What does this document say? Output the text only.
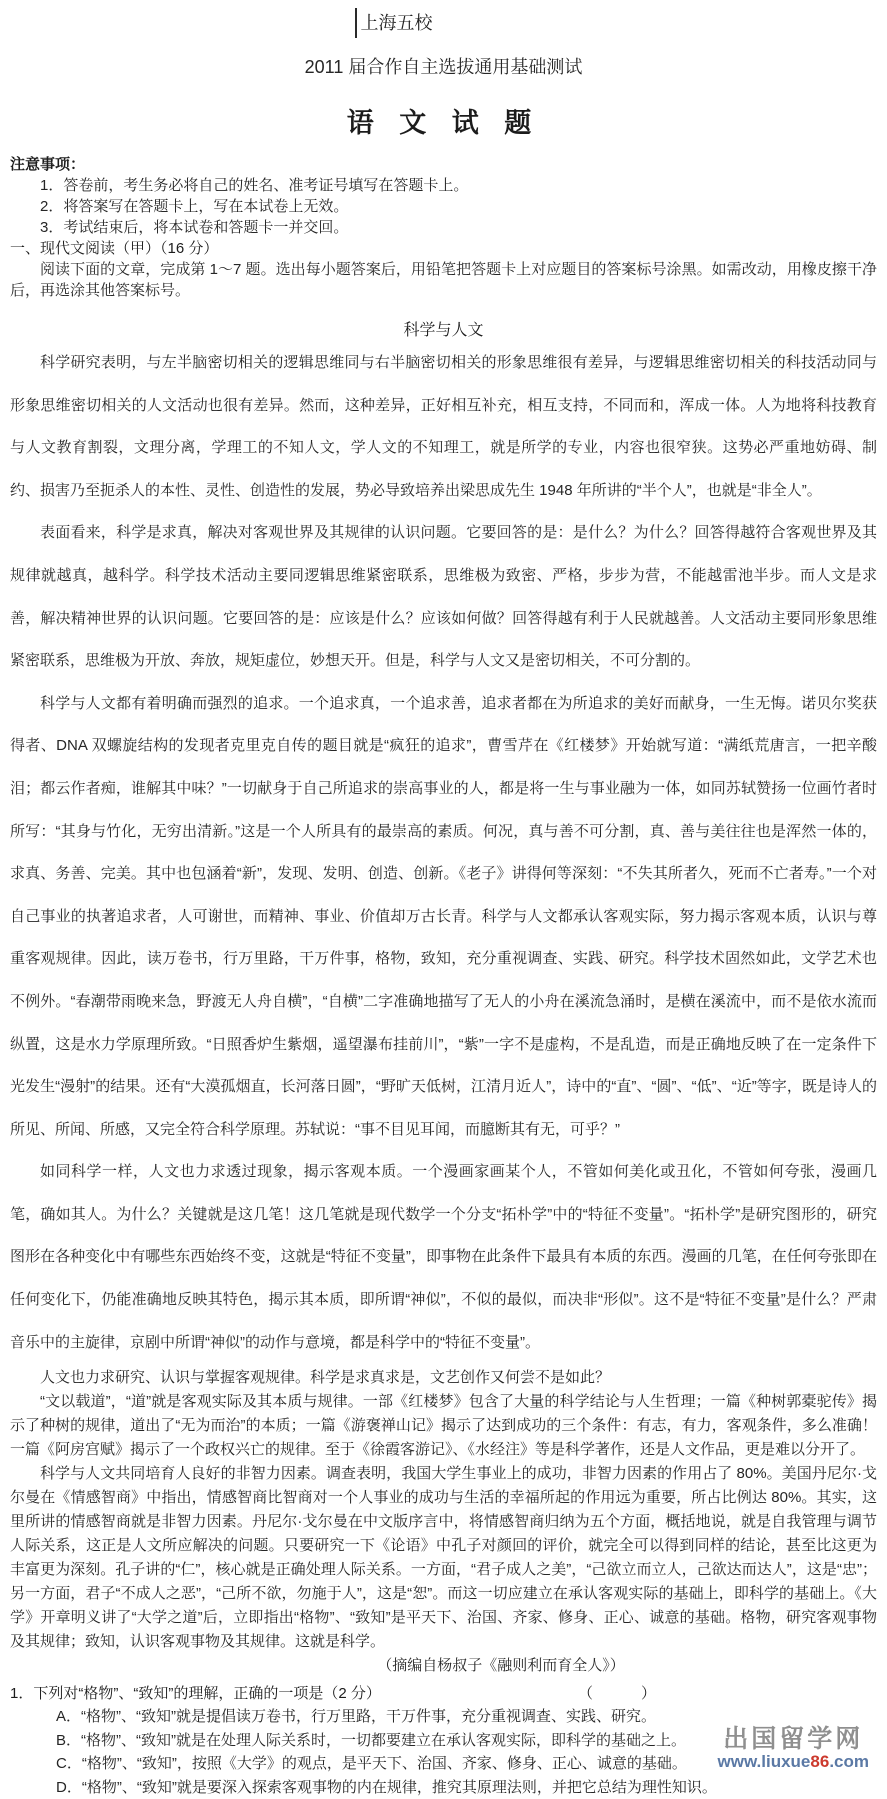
上海五校
2011 届合作自主选拔通用基础测试
语 文 试 题
注意事项：
1．答卷前，考生务必将自己的姓名、准考证号填写在答题卡上。
2．将答案写在答题卡上，写在本试卷上无效。
3．考试结束后，将本试卷和答题卡一并交回。
一、现代文阅读（甲）（16 分）

阅读下面的文章，完成第 1～7 题。选出每小题答案后，用铅笔把答题卡上对应题目的答案标号涂黑。如需改动，用橡皮擦干净后，再选涂其他答案标号。

科学与人文

科学研究表明，与左半脑密切相关的逻辑思维同与右半脑密切相关的形象思维很有差异，与逻辑思维密切相关的科技活动同与形象思维密切相关的人文活动也很有差异。然而，这种差异，正好相互补充，相互支持，不同而和，浑成一体。人为地将科技教育与人文教育割裂，文理分离，学理工的不知人文，学人文的不知理工，就是所学的专业，内容也很窄狭。这势必严重地妨碍、制约、损害乃至扼杀人的本性、灵性、创造性的发展，势必导致培养出梁思成先生 1948 年所讲的“半个人”，也就是“非全人”。

表面看来，科学是求真，解决对客观世界及其规律的认识问题。它要回答的是：是什么？为什么？回答得越符合客观世界及其规律就越真，越科学。科学技术活动主要同逻辑思维紧密联系，思维极为致密、严格，步步为营，不能越雷池半步。而人文是求善，解决精神世界的认识问题。它要回答的是：应该是什么？应该如何做？回答得越有利于人民就越善。人文活动主要同形象思维紧密联系，思维极为开放、奔放，规矩虚位，妙想天开。但是，科学与人文又是密切相关，不可分割的。

科学与人文都有着明确而强烈的追求。一个追求真，一个追求善，追求者都在为所追求的美好而献身，一生无悔。诺贝尔奖获得者、DNA 双螺旋结构的发现者克里克自传的题目就是“疯狂的追求”，曹雪芹在《红楼梦》开始就写道：“满纸荒唐言，一把辛酸泪；都云作者痴，谁解其中味？”一切献身于自己所追求的崇高事业的人，都是将一生与事业融为一体，如同苏轼赞扬一位画竹者时所写：“其身与竹化，无穷出清新。”这是一个人所具有的最崇高的素质。何况，真与善不可分割，真、善与美往往也是浑然一体的，求真、务善、完美。其中也包涵着“新”，发现、发明、创造、创新。《老子》讲得何等深刻：“不失其所者久，死而不亡者寿。”一个对自己事业的执著追求者，人可谢世，而精神、事业、价值却万古长青。科学与人文都承认客观实际，努力揭示客观本质，认识与尊重客观规律。因此，读万卷书，行万里路，干万件事，格物，致知，充分重视调查、实践、研究。科学技术固然如此，文学艺术也不例外。“春潮带雨晚来急，野渡无人舟自横”，“自横”二字准确地描写了无人的小舟在溪流急涌时，是横在溪流中，而不是依水流而纵置，这是水力学原理所致。“日照香炉生紫烟，遥望瀑布挂前川”，“紫”一字不是虚构，不是乱造，而是正确地反映了在一定条件下光发生“漫射”的结果。还有“大漠孤烟直，长河落日圆”，“野旷天低树，江清月近人”，诗中的“直”、“圆”、“低”、“近”等字，既是诗人的所见、所闻、所感，又完全符合科学原理。苏轼说：“事不目见耳闻，而臆断其有无，可乎？”

如同科学一样，人文也力求透过现象，揭示客观本质。一个漫画家画某个人，不管如何美化或丑化，不管如何夸张，漫画几笔，确如其人。为什么？关键就是这几笔！这几笔就是现代数学一个分支“拓朴学”中的“特征不变量”。“拓朴学”是研究图形的，研究图形在各种变化中有哪些东西始终不变，这就是“特征不变量”，即事物在此条件下最具有本质的东西。漫画的几笔，在任何夸张即在任何变化下，仍能准确地反映其特色，揭示其本质，即所谓“神似”，不似的最似，而决非“形似”。这不是“特征不变量”是什么？严肃音乐中的主旋律，京剧中所谓“神似”的动作与意境，都是科学中的“特征不变量”。

人文也力求研究、认识与掌握客观规律。科学是求真求是，文艺创作又何尝不是如此？

“文以载道”，“道”就是客观实际及其本质与规律。一部《红楼梦》包含了大量的科学结论与人生哲理；一篇《种树郭橐驼传》揭示了种树的规律，道出了“无为而治”的本质；一篇《游褒禅山记》揭示了达到成功的三个条件：有志，有力，客观条件，多么准确！一篇《阿房宫赋》揭示了一个政权兴亡的规律。至于《徐霞客游记》、《水经注》等是科学著作，还是人文作品，更是难以分开了。

科学与人文共同培育人良好的非智力因素。调查表明，我国大学生事业上的成功，非智力因素的作用占了 80%。美国丹尼尔·戈尔曼在《情感智商》中指出，情感智商比智商对一个人事业的成功与生活的幸福所起的作用远为重要，所占比例达 80%。其实，这里所讲的情感智商就是非智力因素。丹尼尔·戈尔曼在中文版序言中，将情感智商归纳为五个方面，概括地说，就是自我管理与调节人际关系，这正是人文所应解决的问题。只要研究一下《论语》中孔子对颜回的评价，就完全可以得到同样的结论，甚至比这更为丰富更为深刻。孔子讲的“仁”，核心就是正确处理人际关系。一方面，“君子成人之美”，“己欲立而立人，己欲达而达人”，这是“忠”；另一方面，君子“不成人之恶”，“己所不欲，勿施于人”，这是“恕”。而这一切应建立在承认客观实际的基础上，即科学的基础上。《大学》开章明义讲了“大学之道”后，立即指出“格物”、“致知”是平天下、治国、齐家、修身、正心、诚意的基础。格物，研究客观事物及其规律；致知，认识客观事物及其规律。这就是科学。

（摘编自杨叔子《融则利而育全人》）
1．下列对“格物”、“致知”的理解，正确的一项是（2 分）	（　　）
A．“格物”、“致知”就是提倡读万卷书，行万里路，干万件事，充分重视调查、实践、研究。
B．“格物”、“致知”就是在处理人际关系时，一切都要建立在承认客观实际，即科学的基础之上。
C．“格物”、“致知”，按照《大学》的观点，是平天下、治国、齐家、修身、正心、诚意的基础。
D．“格物”、“致知”就是要深入探索客观事物的内在规律，推究其原理法则，并把它总结为理性知识。
出国留学网
www.liuxue86.com
